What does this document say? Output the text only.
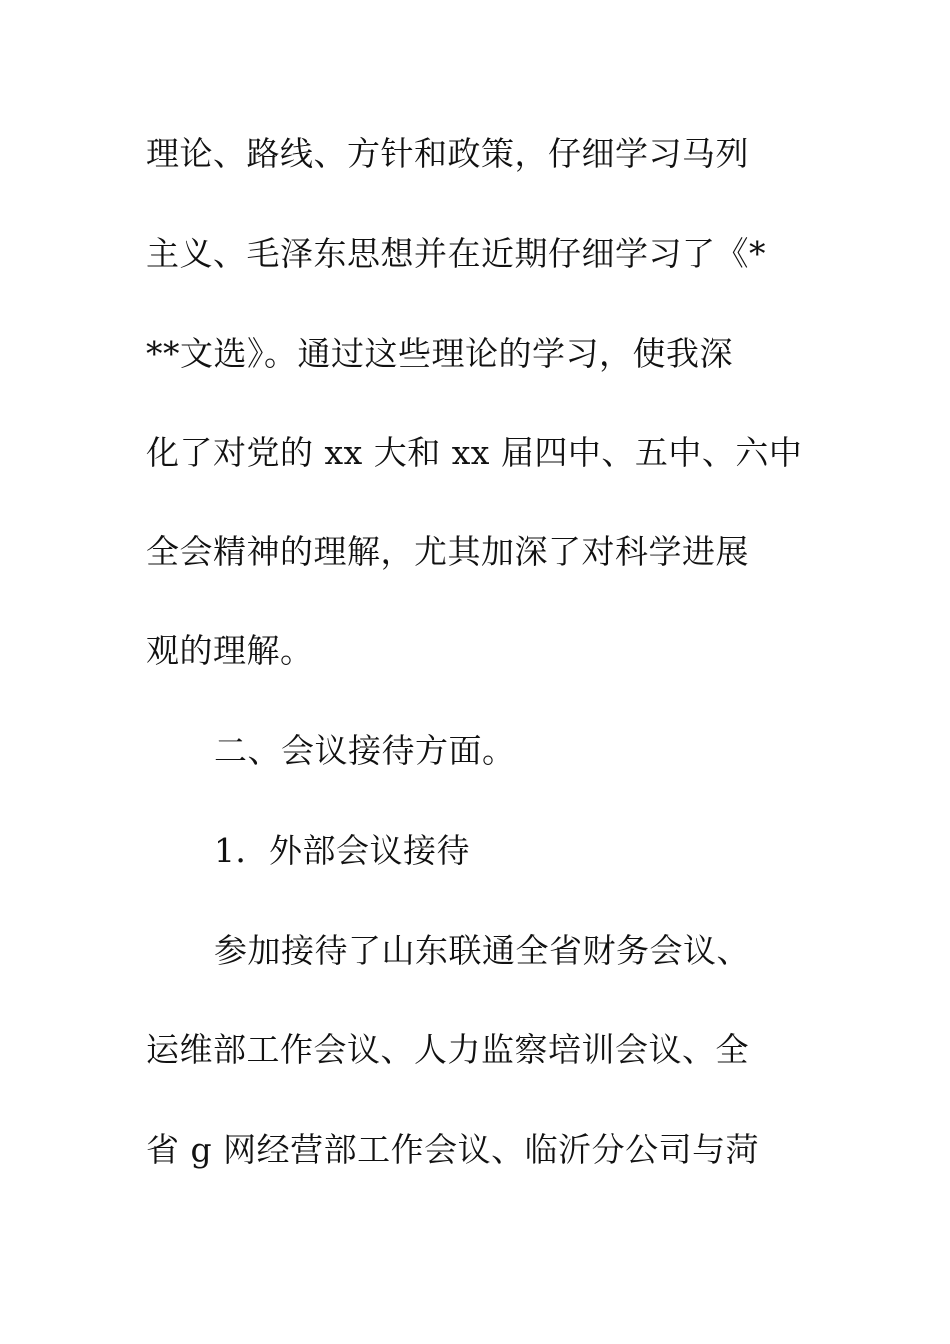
理论、路线、方针和政策，仔细学习马列

主义、毛泽东思想并在近期仔细学习了《*

**文选》。通过这些理论的学习，使我深

化了对党的 xx 大和 xx 届四中、五中、六中

全会精神的理解，尤其加深了对科学进展

观的理解。

二、会议接待方面。

1．外部会议接待

参加接待了山东联通全省财务会议、

运维部工作会议、人力监察培训会议、全

省 g 网经营部工作会议、临沂分公司与菏
